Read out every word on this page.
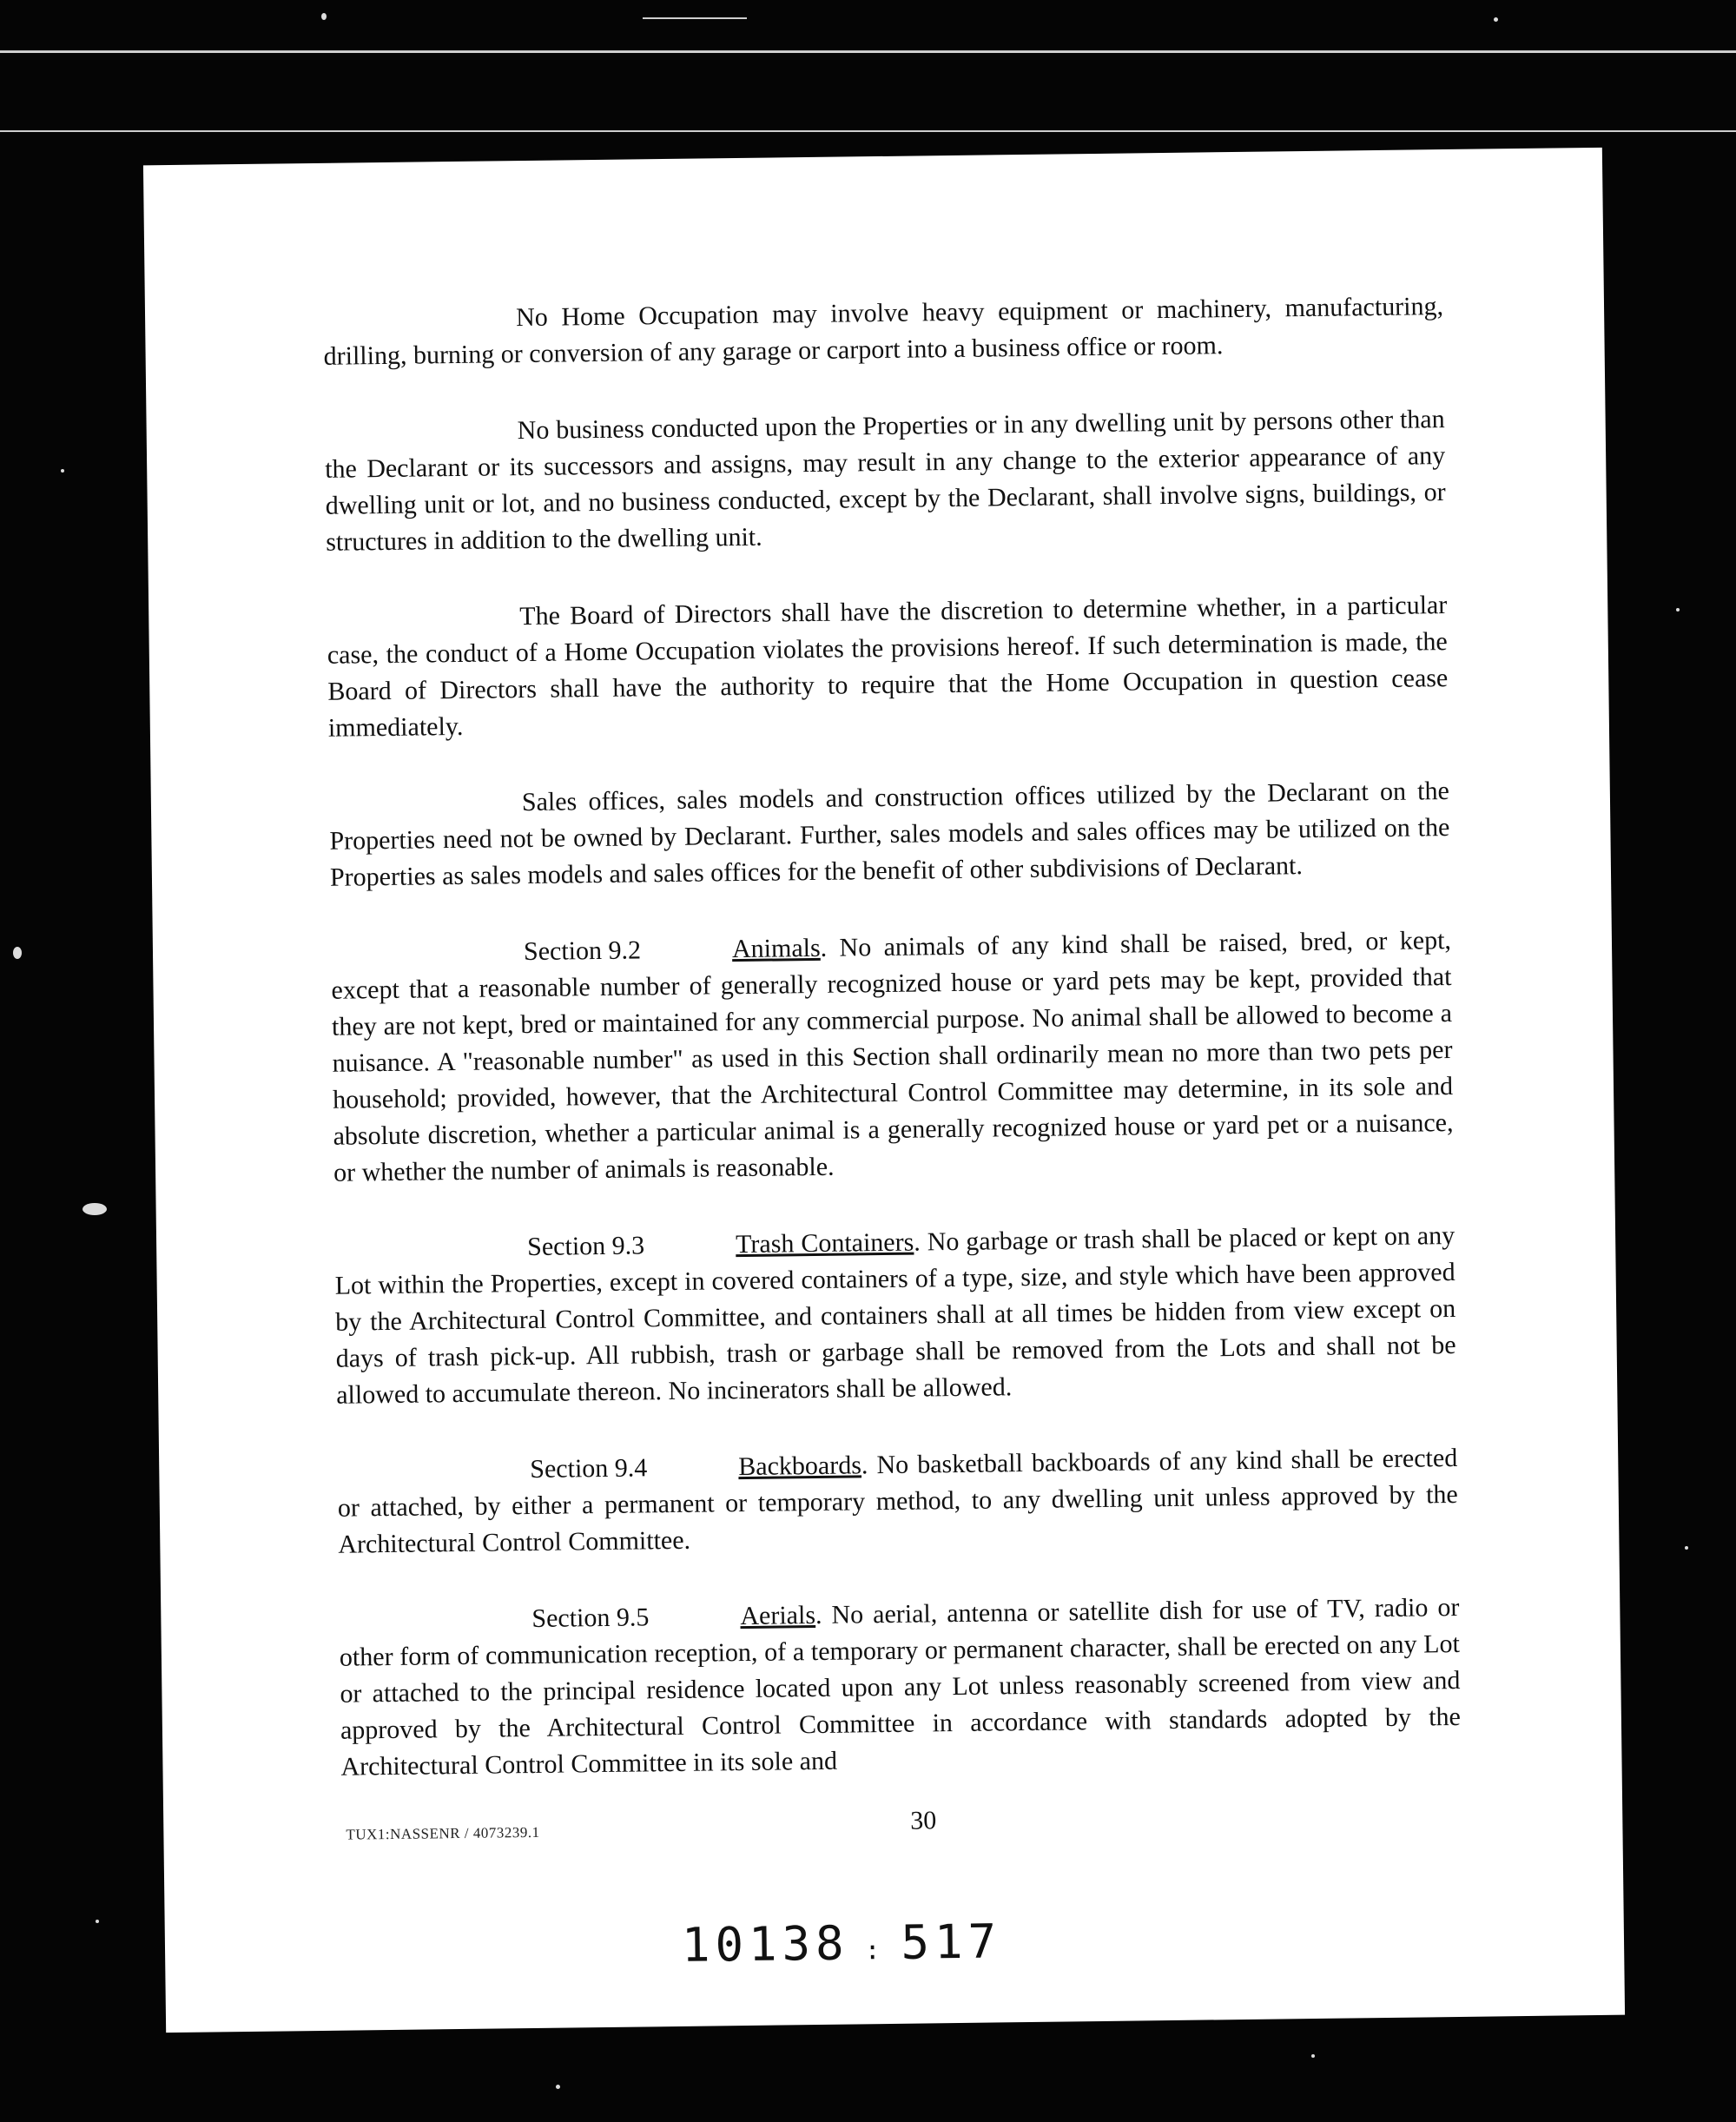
No Home Occupation may involve heavy equipment or machinery, manufacturing, drilling, burning or conversion of any garage or carport into a business office or room.

No business conducted upon the Properties or in any dwelling unit by persons other than the Declarant or its successors and assigns, may result in any change to the exterior appearance of any dwelling unit or lot, and no business conducted, except by the Declarant, shall involve signs, buildings, or structures in addition to the dwelling unit.

The Board of Directors shall have the discretion to determine whether, in a particular case, the conduct of a Home Occupation violates the provisions hereof. If such determination is made, the Board of Directors shall have the authority to require that the Home Occupation in question cease immediately.

Sales offices, sales models and construction offices utilized by the Declarant on the Properties need not be owned by Declarant. Further, sales models and sales offices may be utilized on the Properties as sales models and sales offices for the benefit of other subdivisions of Declarant.

Section 9.2	Animals. No animals of any kind shall be raised, bred, or kept, except that a reasonable number of generally recognized house or yard pets may be kept, provided that they are not kept, bred or maintained for any commercial purpose. No animal shall be allowed to become a nuisance. A "reasonable number" as used in this Section shall ordinarily mean no more than two pets per household; provided, however, that the Architectural Control Committee may determine, in its sole and absolute discretion, whether a particular animal is a generally recognized house or yard pet or a nuisance, or whether the number of animals is reasonable.

Section 9.3	Trash Containers. No garbage or trash shall be placed or kept on any Lot within the Properties, except in covered containers of a type, size, and style which have been approved by the Architectural Control Committee, and containers shall at all times be hidden from view except on days of trash pick-up. All rubbish, trash or garbage shall be removed from the Lots and shall not be allowed to accumulate thereon. No incinerators shall be allowed.

Section 9.4	Backboards. No basketball backboards of any kind shall be erected or attached, by either a permanent or temporary method, to any dwelling unit unless approved by the Architectural Control Committee.

Section 9.5	Aerials. No aerial, antenna or satellite dish for use of TV, radio or other form of communication reception, of a temporary or permanent character, shall be erected on any Lot or attached to the principal residence located upon any Lot unless reasonably screened from view and approved by the Architectural Control Committee in accordance with standards adopted by the Architectural Control Committee in its sole and

TUX1:NASSENR / 4073239.1	30
10138 : 517
